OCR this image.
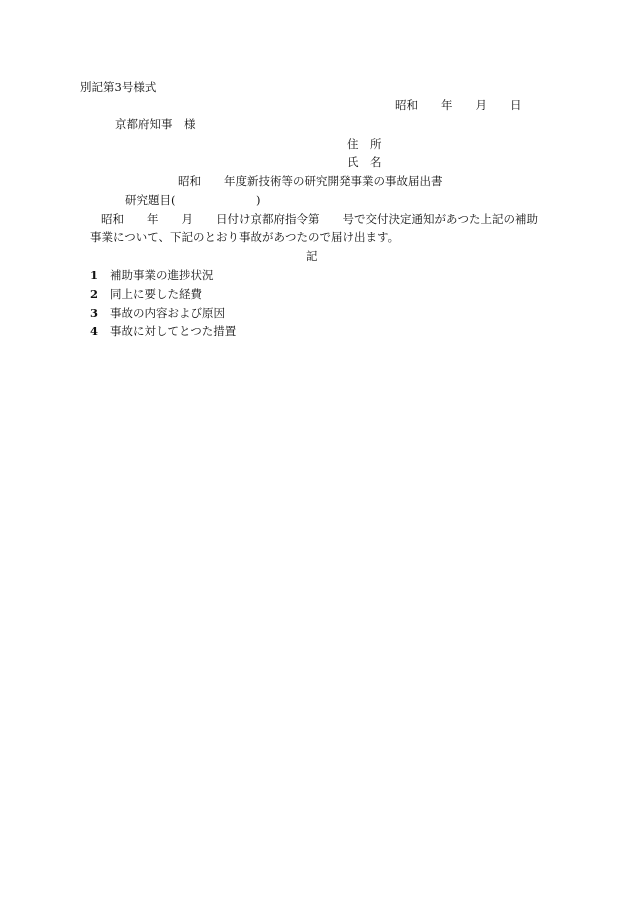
別記第3号様式
昭和　　年　　月　　日
京都府知事　様
住　所
氏　名
昭和　　年度新技術等の研究開発事業の事故届出書
研究題目(　　　　　　　)
昭和　　年　　月　　日付け京都府指令第　　号で交付決定通知があつた上記の補助
事業について、下記のとおり事故があつたので届け出ます。
記
1 補助事業の進捗状況
2 同上に要した経費
3 事故の内容および原因
4 事故に対してとつた措置
